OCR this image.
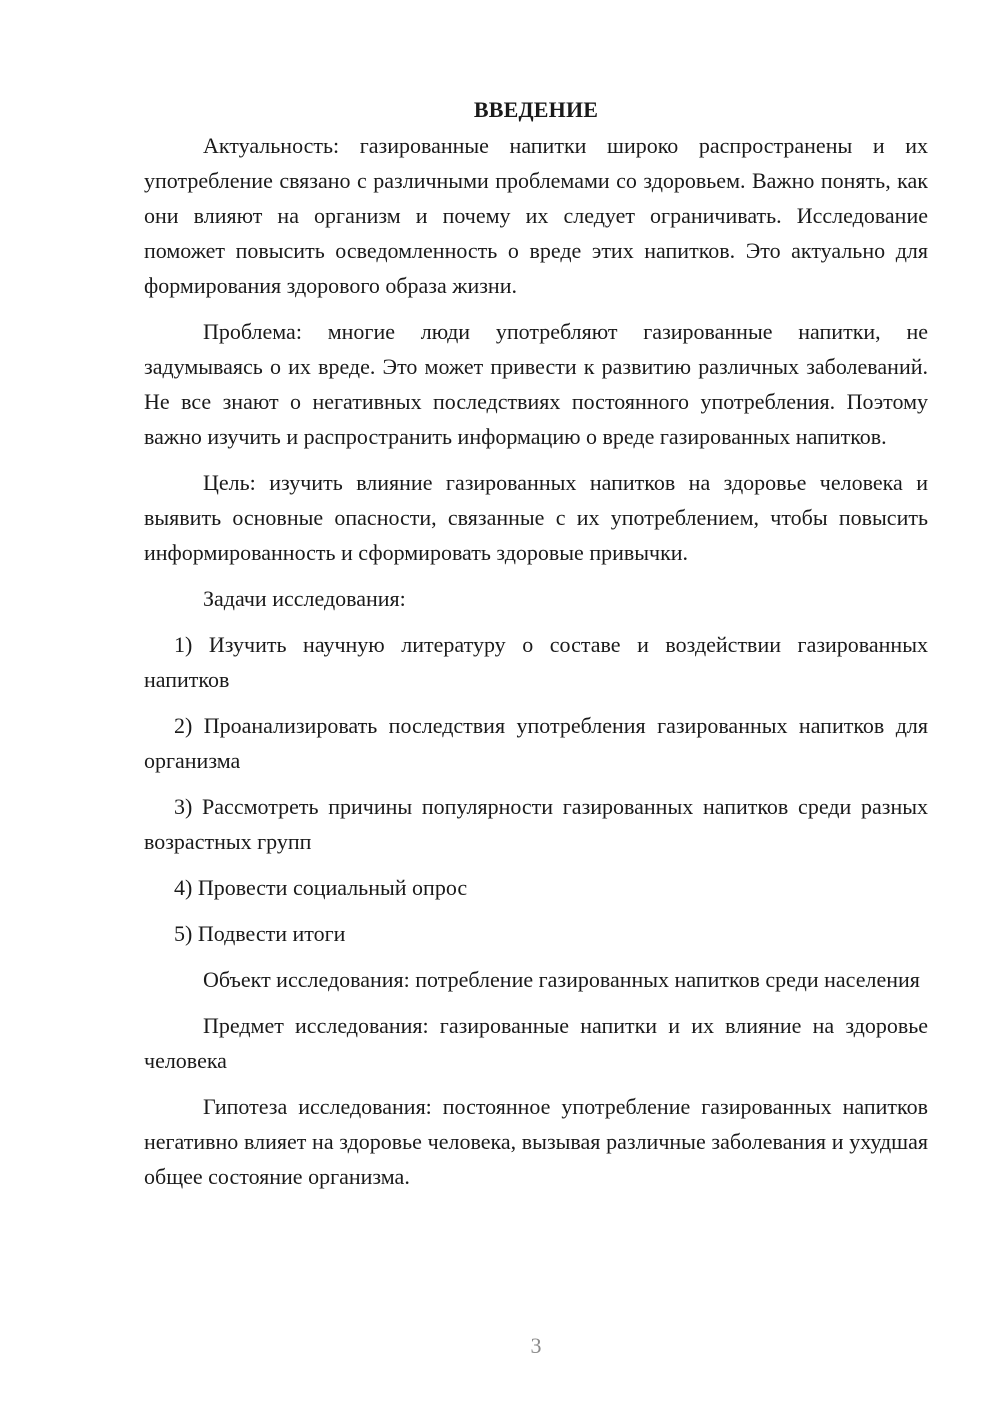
ВВЕДЕНИЕ

Актуальность: газированные напитки широко распространены и их употребление связано с различными проблемами со здоровьем. Важно понять, как они влияют на организм и почему их следует ограничивать. Исследование поможет повысить осведомленность о вреде этих напитков. Это актуально для формирования здорового образа жизни.

Проблема: многие люди употребляют газированные напитки, не задумываясь о их вреде. Это может привести к развитию различных заболеваний. Не все знают о негативных последствиях постоянного употребления. Поэтому важно изучить и распространить информацию о вреде газированных напитков.

Цель: изучить влияние газированных напитков на здоровье человека и выявить основные опасности, связанные с их употреблением, чтобы повысить информированность и сформировать здоровые привычки.

Задачи исследования:

1) Изучить научную литературу о составе и воздействии газированных напитков

2) Проанализировать последствия употребления газированных напитков для организма

3) Рассмотреть причины популярности газированных напитков среди разных возрастных групп

4) Провести социальный опрос

5) Подвести итоги

Объект исследования: потребление газированных напитков среди населения

Предмет исследования: газированные напитки и их влияние на здоровье человека

Гипотеза исследования: постоянное употребление газированных напитков негативно влияет на здоровье человека, вызывая различные заболевания и ухудшая общее состояние организма.

3
